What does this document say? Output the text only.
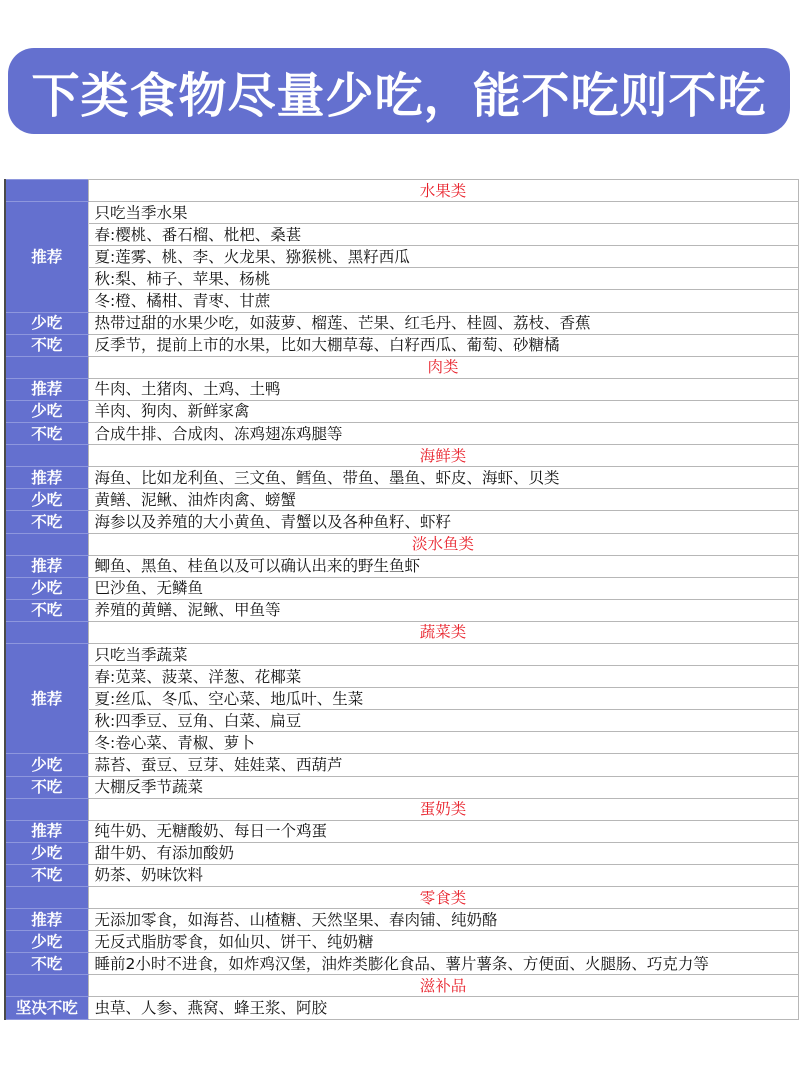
下类食物尽量少吃，能不吃则不吃
	水果类
推荐	只吃当季水果
	春:樱桃、番石榴、枇杷、桑葚
	夏:莲雾、桃、李、火龙果、猕猴桃、黑籽西瓜
	秋:梨、柿子、苹果、杨桃
	冬:橙、橘柑、青枣、甘蔗
少吃	热带过甜的水果少吃，如菠萝、榴莲、芒果、红毛丹、桂圆、荔枝、香蕉
不吃	反季节，提前上市的水果，比如大棚草莓、白籽西瓜、葡萄、砂糖橘
	肉类
推荐	牛肉、土猪肉、土鸡、土鸭
少吃	羊肉、狗肉、新鲜家禽
不吃	合成牛排、合成肉、冻鸡翅冻鸡腿等
	海鲜类
推荐	海鱼、比如龙利鱼、三文鱼、鳕鱼、带鱼、墨鱼、虾皮、海虾、贝类
少吃	黄鳝、泥鳅、油炸肉禽、螃蟹
不吃	海参以及养殖的大小黄鱼、青蟹以及各种鱼籽、虾籽
	淡水鱼类
推荐	鲫鱼、黑鱼、桂鱼以及可以确认出来的野生鱼虾
少吃	巴沙鱼、无鳞鱼
不吃	养殖的黄鳝、泥鳅、甲鱼等
	蔬菜类
推荐	只吃当季蔬菜
	春:苋菜、菠菜、洋葱、花椰菜
	夏:丝瓜、冬瓜、空心菜、地瓜叶、生菜
	秋:四季豆、豆角、白菜、扁豆
	冬:卷心菜、青椒、萝卜
少吃	蒜苔、蚕豆、豆芽、娃娃菜、西葫芦
不吃	大棚反季节蔬菜
	蛋奶类
推荐	纯牛奶、无糖酸奶、每日一个鸡蛋
少吃	甜牛奶、有添加酸奶
不吃	奶茶、奶味饮料
	零食类
推荐	无添加零食，如海苔、山楂糖、天然坚果、春肉铺、纯奶酪
少吃	无反式脂肪零食，如仙贝、饼干、纯奶糖
不吃	睡前2小时不进食，如炸鸡汉堡，油炸类膨化食品、薯片薯条、方便面、火腿肠、巧克力等
	滋补品
坚决不吃	虫草、人参、燕窝、蜂王浆、阿胶
